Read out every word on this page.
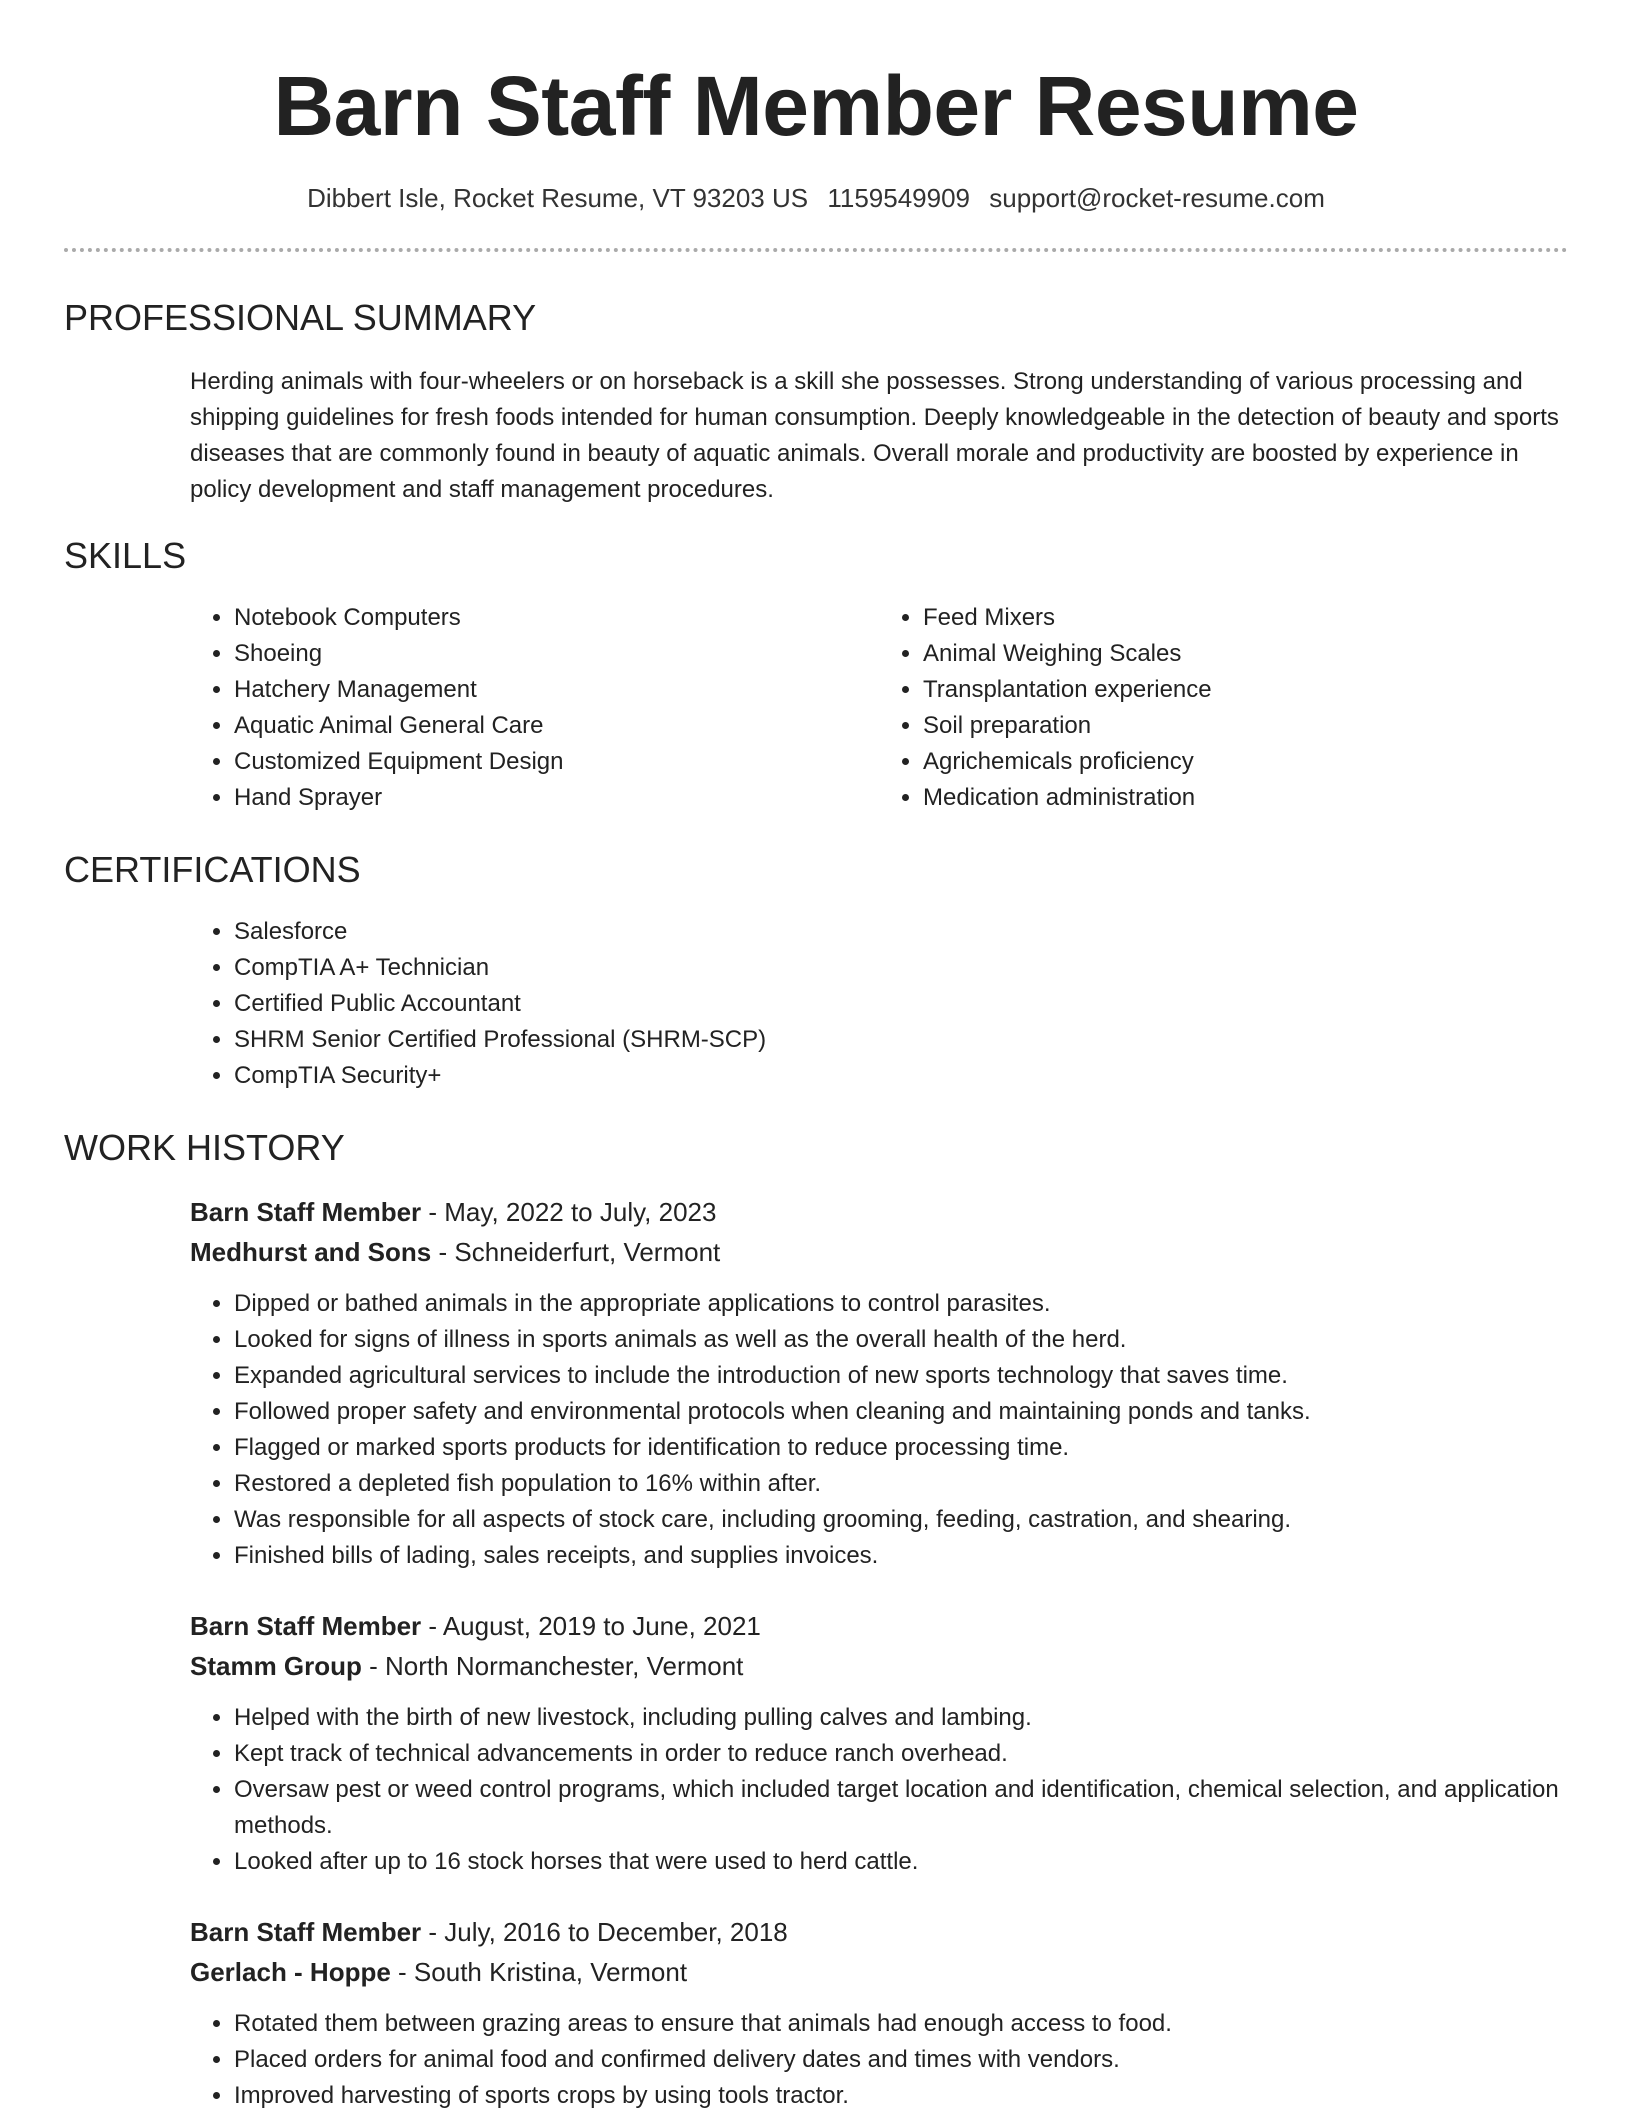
Barn Staff Member Resume
Dibbert Isle, Rocket Resume, VT 93203 US 1159549909 support@rocket-resume.com
PROFESSIONAL SUMMARY

Herding animals with four-wheelers or on horseback is a skill she possesses. Strong understanding of various processing and shipping guidelines for fresh foods intended for human consumption. Deeply knowledgeable in the detection of beauty and sports diseases that are commonly found in beauty of aquatic animals. Overall morale and productivity are boosted by experience in policy development and staff management procedures.

SKILLS
• Notebook Computers
• Shoeing
• Hatchery Management
• Aquatic Animal General Care
• Customized Equipment Design
• Hand Sprayer
• Feed Mixers
• Animal Weighing Scales
• Transplantation experience
• Soil preparation
• Agrichemicals proficiency
• Medication administration
CERTIFICATIONS
• Salesforce
• CompTIA A+ Technician
• Certified Public Accountant
• SHRM Senior Certified Professional (SHRM-SCP)
• CompTIA Security+
WORK HISTORY
Barn Staff Member - May, 2022 to July, 2023
Medhurst and Sons - Schneiderfurt, Vermont
• Dipped or bathed animals in the appropriate applications to control parasites.
• Looked for signs of illness in sports animals as well as the overall health of the herd.
• Expanded agricultural services to include the introduction of new sports technology that saves time.
• Followed proper safety and environmental protocols when cleaning and maintaining ponds and tanks.
• Flagged or marked sports products for identification to reduce processing time.
• Restored a depleted fish population to 16% within after.
• Was responsible for all aspects of stock care, including grooming, feeding, castration, and shearing.
• Finished bills of lading, sales receipts, and supplies invoices.
Barn Staff Member - August, 2019 to June, 2021
Stamm Group - North Normanchester, Vermont
• Helped with the birth of new livestock, including pulling calves and lambing.
• Kept track of technical advancements in order to reduce ranch overhead.
• Oversaw pest or weed control programs, which included target location and identification, chemical selection, and application methods.
• Looked after up to 16 stock horses that were used to herd cattle.
Barn Staff Member - July, 2016 to December, 2018
Gerlach - Hoppe - South Kristina, Vermont
• Rotated them between grazing areas to ensure that animals had enough access to food.
• Placed orders for animal food and confirmed delivery dates and times with vendors.
• Improved harvesting of sports crops by using tools tractor.
